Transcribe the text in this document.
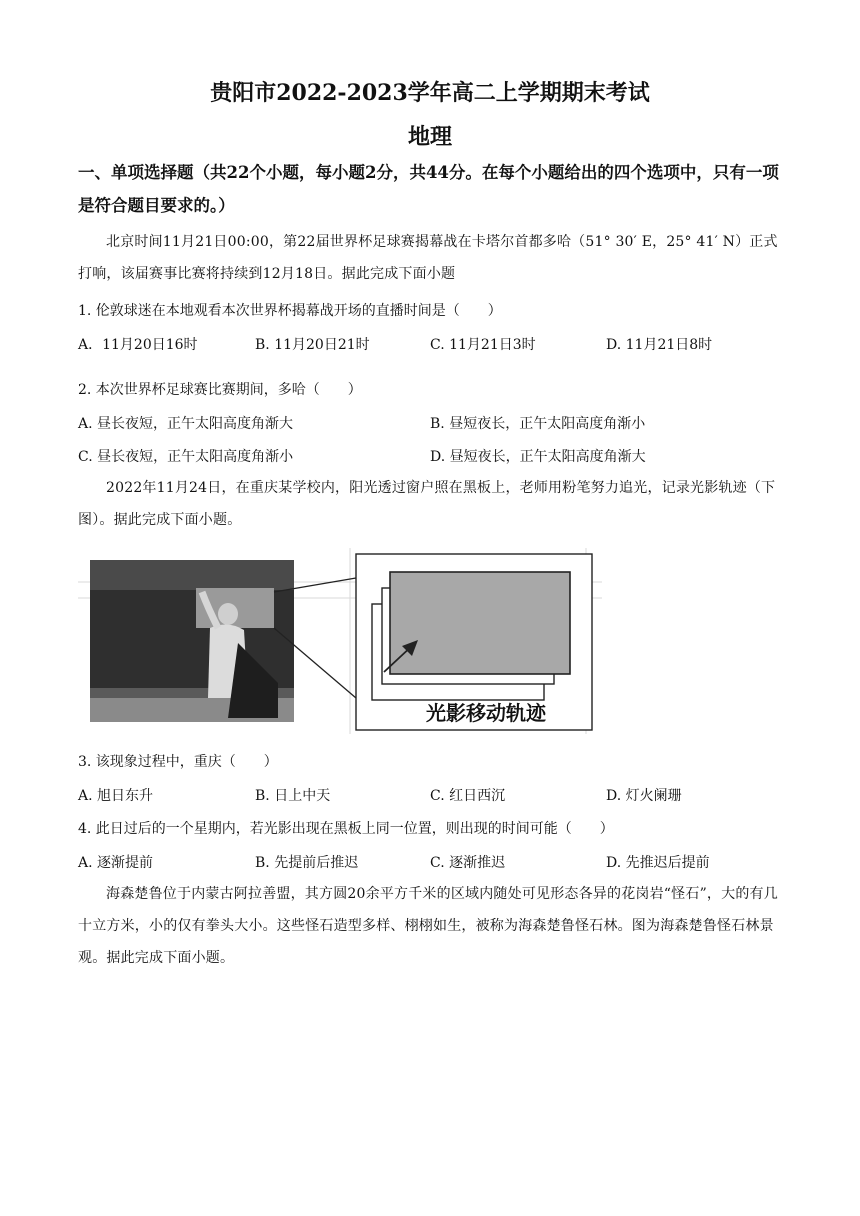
贵阳市2022-2023学年高二上学期期末考试
地理
一、单项选择题（共22个小题，每小题2分，共44分。在每个小题给出的四个选项中，只有一项是符合题目要求的。）
北京时间11月21日00:00，第22届世界杯足球赛揭幕战在卡塔尔首都多哈（51° 30′ E，25° 41′ N）正式打响，该届赛事比赛将持续到12月18日。据此完成下面小题
1. 伦敦球迷在本地观看本次世界杯揭幕战开场的直播时间是（　　）
A．11月20日16时	B. 11月20日21时	C. 11月21日3时	D. 11月21日8时
2. 本次世界杯足球赛比赛期间，多哈（　　）
A. 昼长夜短，正午太阳高度角渐大	B. 昼短夜长，正午太阳高度角渐小
C. 昼长夜短，正午太阳高度角渐小	D. 昼短夜长，正午太阳高度角渐大
2022年11月24日，在重庆某学校内，阳光透过窗户照在黑板上，老师用粉笔努力追光，记录光影轨迹（下图）。据此完成下面小题。
光影移动轨迹
3. 该现象过程中，重庆（　　）
A. 旭日东升	B. 日上中天	C. 红日西沉	D. 灯火阑珊
4. 此日过后的一个星期内，若光影出现在黑板上同一位置，则出现的时间可能（　　）
A. 逐渐提前	B. 先提前后推迟	C. 逐渐推迟	D. 先推迟后提前
海森楚鲁位于内蒙古阿拉善盟，其方圆20余平方千米的区域内随处可见形态各异的花岗岩“怪石”，大的有几十立方米，小的仅有拳头大小。这些怪石造型多样、栩栩如生，被称为海森楚鲁怪石林。图为海森楚鲁怪石林景观。据此完成下面小题。
